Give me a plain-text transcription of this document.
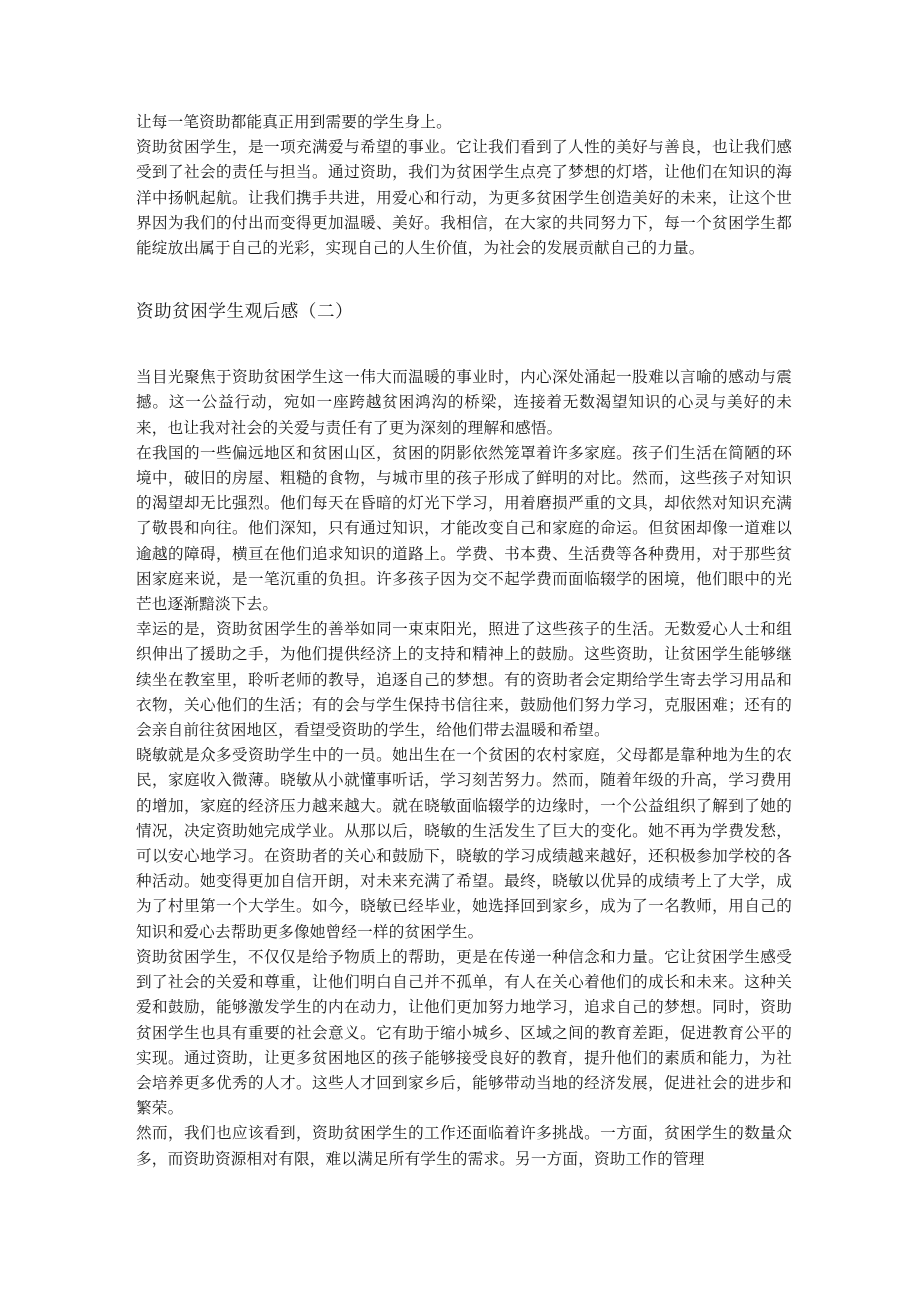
让每一笔资助都能真正用到需要的学生身上。

资助贫困学生，是一项充满爱与希望的事业。它让我们看到了人性的美好与善良，也让我们感受到了社会的责任与担当。通过资助，我们为贫困学生点亮了梦想的灯塔，让他们在知识的海洋中扬帆起航。让我们携手共进，用爱心和行动，为更多贫困学生创造美好的未来，让这个世界因为我们的付出而变得更加温暖、美好。我相信，在大家的共同努力下，每一个贫困学生都能绽放出属于自己的光彩，实现自己的人生价值，为社会的发展贡献自己的力量。

资助贫困学生观后感（二）

当目光聚焦于资助贫困学生这一伟大而温暖的事业时，内心深处涌起一股难以言喻的感动与震撼。这一公益行动，宛如一座跨越贫困鸿沟的桥梁，连接着无数渴望知识的心灵与美好的未来，也让我对社会的关爱与责任有了更为深刻的理解和感悟。

在我国的一些偏远地区和贫困山区，贫困的阴影依然笼罩着许多家庭。孩子们生活在简陋的环境中，破旧的房屋、粗糙的食物，与城市里的孩子形成了鲜明的对比。然而，这些孩子对知识的渴望却无比强烈。他们每天在昏暗的灯光下学习，用着磨损严重的文具，却依然对知识充满了敬畏和向往。他们深知，只有通过知识，才能改变自己和家庭的命运。但贫困却像一道难以逾越的障碍，横亘在他们追求知识的道路上。学费、书本费、生活费等各种费用，对于那些贫困家庭来说，是一笔沉重的负担。许多孩子因为交不起学费而面临辍学的困境，他们眼中的光芒也逐渐黯淡下去。

幸运的是，资助贫困学生的善举如同一束束阳光，照进了这些孩子的生活。无数爱心人士和组织伸出了援助之手，为他们提供经济上的支持和精神上的鼓励。这些资助，让贫困学生能够继续坐在教室里，聆听老师的教导，追逐自己的梦想。有的资助者会定期给学生寄去学习用品和衣物，关心他们的生活；有的会与学生保持书信往来，鼓励他们努力学习，克服困难；还有的会亲自前往贫困地区，看望受资助的学生，给他们带去温暖和希望。

晓敏就是众多受资助学生中的一员。她出生在一个贫困的农村家庭，父母都是靠种地为生的农民，家庭收入微薄。晓敏从小就懂事听话，学习刻苦努力。然而，随着年级的升高，学习费用的增加，家庭的经济压力越来越大。就在晓敏面临辍学的边缘时，一个公益组织了解到了她的情况，决定资助她完成学业。从那以后，晓敏的生活发生了巨大的变化。她不再为学费发愁，可以安心地学习。在资助者的关心和鼓励下，晓敏的学习成绩越来越好，还积极参加学校的各种活动。她变得更加自信开朗，对未来充满了希望。最终，晓敏以优异的成绩考上了大学，成为了村里第一个大学生。如今，晓敏已经毕业，她选择回到家乡，成为了一名教师，用自己的知识和爱心去帮助更多像她曾经一样的贫困学生。

资助贫困学生，不仅仅是给予物质上的帮助，更是在传递一种信念和力量。它让贫困学生感受到了社会的关爱和尊重，让他们明白自己并不孤单，有人在关心着他们的成长和未来。这种关爱和鼓励，能够激发学生的内在动力，让他们更加努力地学习，追求自己的梦想。同时，资助贫困学生也具有重要的社会意义。它有助于缩小城乡、区域之间的教育差距，促进教育公平的实现。通过资助，让更多贫困地区的孩子能够接受良好的教育，提升他们的素质和能力，为社会培养更多优秀的人才。这些人才回到家乡后，能够带动当地的经济发展，促进社会的进步和繁荣。

然而，我们也应该看到，资助贫困学生的工作还面临着许多挑战。一方面，贫困学生的数量众多，而资助资源相对有限，难以满足所有学生的需求。另一方面，资助工作的管理
